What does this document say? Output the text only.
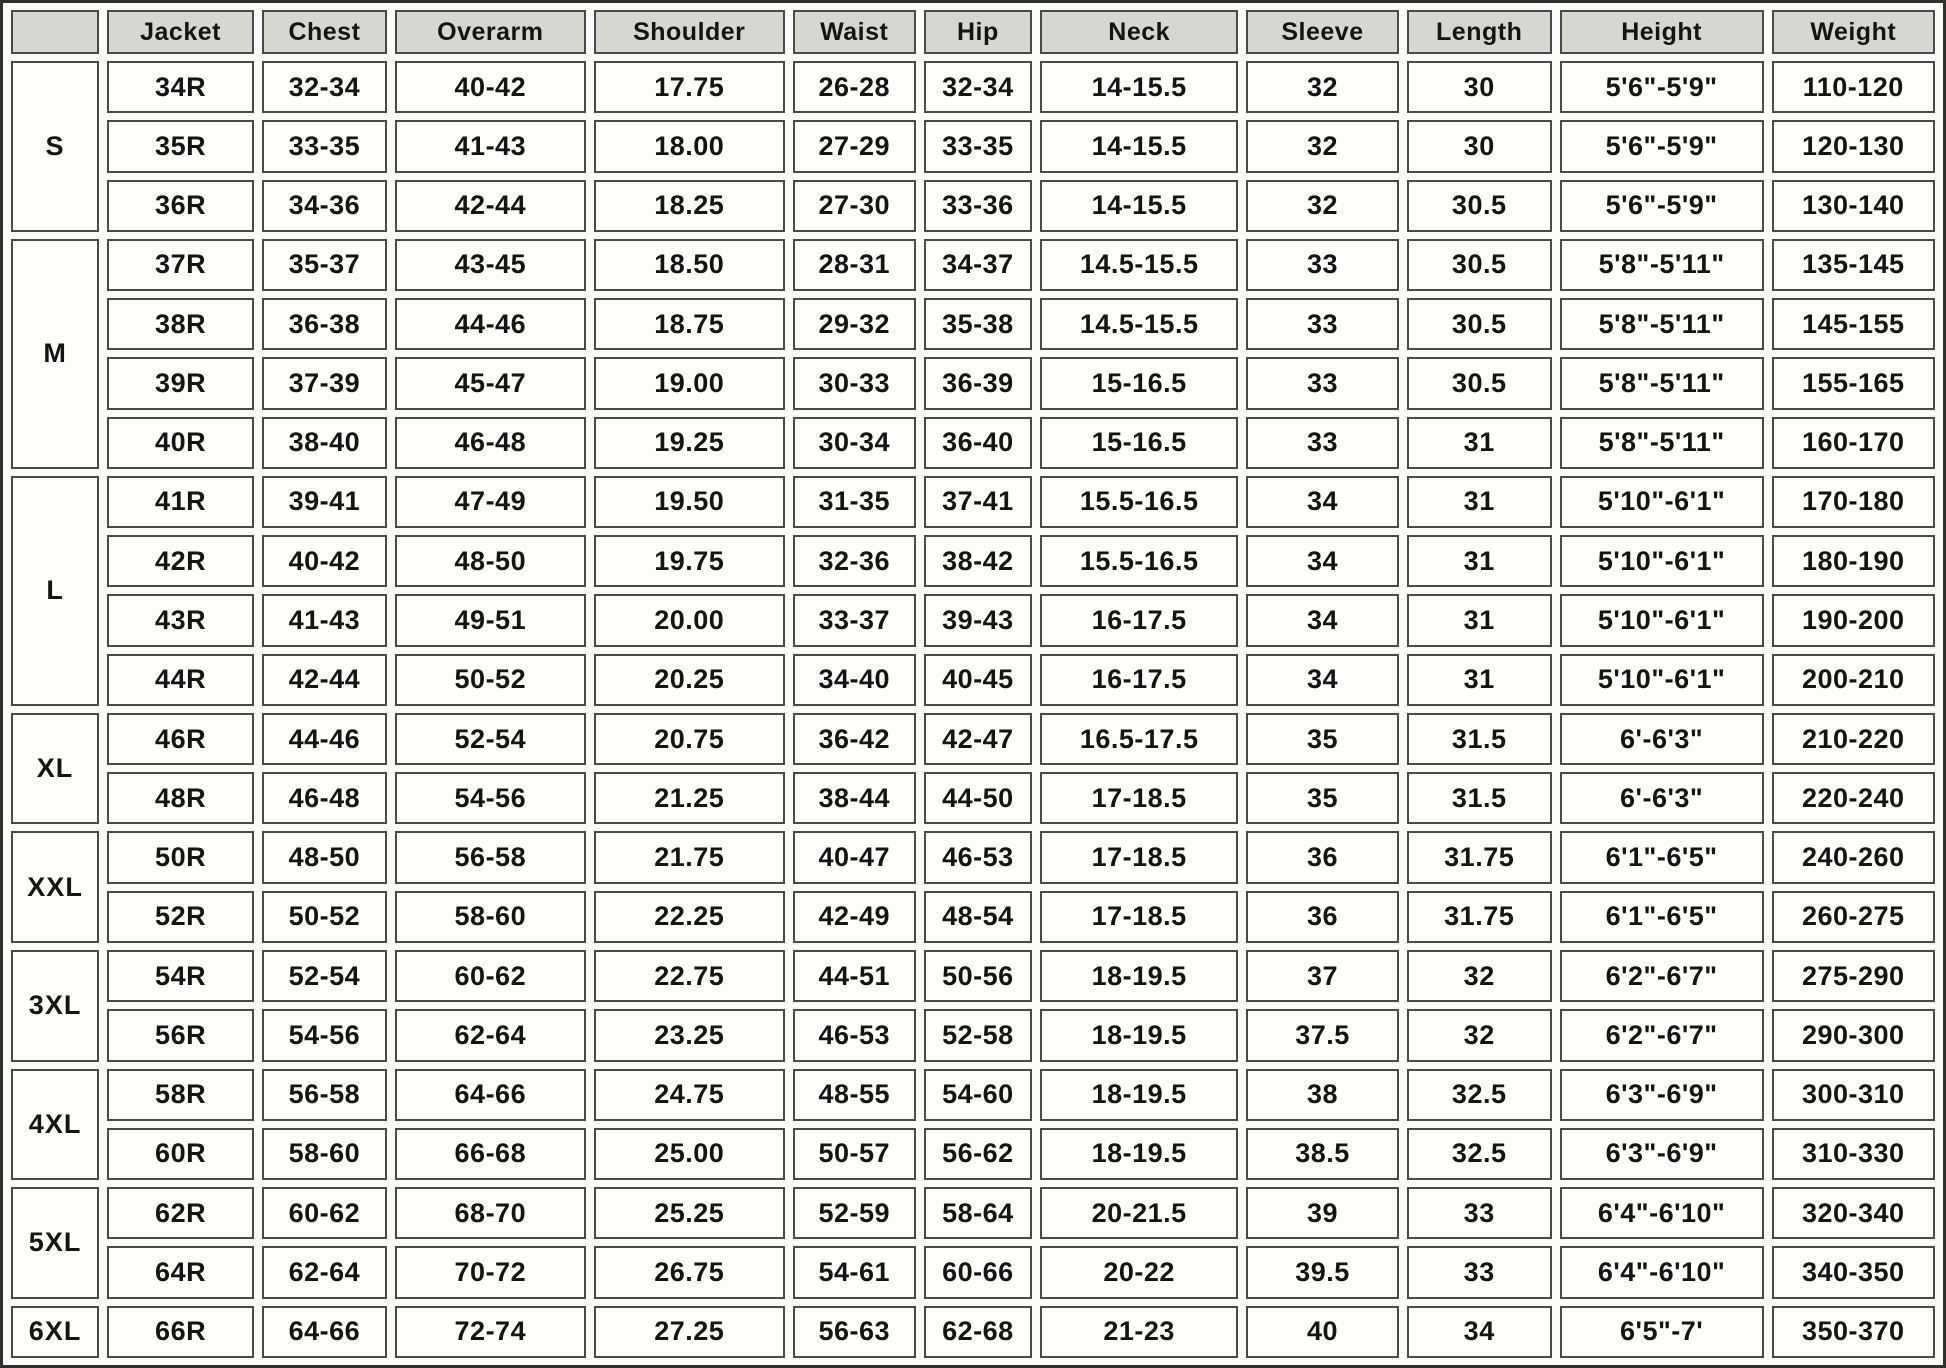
	Jacket	Chest	Overarm	Shoulder	Waist	Hip	Neck	Sleeve	Length	Height	Weight
S	34R	32-34	40-42	17.75	26-28	32-34	14-15.5	32	30	5'6"-5'9"	110-120
	35R	33-35	41-43	18.00	27-29	33-35	14-15.5	32	30	5'6"-5'9"	120-130
	36R	34-36	42-44	18.25	27-30	33-36	14-15.5	32	30.5	5'6"-5'9"	130-140
M	37R	35-37	43-45	18.50	28-31	34-37	14.5-15.5	33	30.5	5'8"-5'11"	135-145
	38R	36-38	44-46	18.75	29-32	35-38	14.5-15.5	33	30.5	5'8"-5'11"	145-155
	39R	37-39	45-47	19.00	30-33	36-39	15-16.5	33	30.5	5'8"-5'11"	155-165
	40R	38-40	46-48	19.25	30-34	36-40	15-16.5	33	31	5'8"-5'11"	160-170
L	41R	39-41	47-49	19.50	31-35	37-41	15.5-16.5	34	31	5'10"-6'1"	170-180
	42R	40-42	48-50	19.75	32-36	38-42	15.5-16.5	34	31	5'10"-6'1"	180-190
	43R	41-43	49-51	20.00	33-37	39-43	16-17.5	34	31	5'10"-6'1"	190-200
	44R	42-44	50-52	20.25	34-40	40-45	16-17.5	34	31	5'10"-6'1"	200-210
XL	46R	44-46	52-54	20.75	36-42	42-47	16.5-17.5	35	31.5	6'-6'3"	210-220
	48R	46-48	54-56	21.25	38-44	44-50	17-18.5	35	31.5	6'-6'3"	220-240
XXL	50R	48-50	56-58	21.75	40-47	46-53	17-18.5	36	31.75	6'1"-6'5"	240-260
	52R	50-52	58-60	22.25	42-49	48-54	17-18.5	36	31.75	6'1"-6'5"	260-275
3XL	54R	52-54	60-62	22.75	44-51	50-56	18-19.5	37	32	6'2"-6'7"	275-290
	56R	54-56	62-64	23.25	46-53	52-58	18-19.5	37.5	32	6'2"-6'7"	290-300
4XL	58R	56-58	64-66	24.75	48-55	54-60	18-19.5	38	32.5	6'3"-6'9"	300-310
	60R	58-60	66-68	25.00	50-57	56-62	18-19.5	38.5	32.5	6'3"-6'9"	310-330
5XL	62R	60-62	68-70	25.25	52-59	58-64	20-21.5	39	33	6'4"-6'10"	320-340
	64R	62-64	70-72	26.75	54-61	60-66	20-22	39.5	33	6'4"-6'10"	340-350
6XL	66R	64-66	72-74	27.25	56-63	62-68	21-23	40	34	6'5"-7'	350-370
